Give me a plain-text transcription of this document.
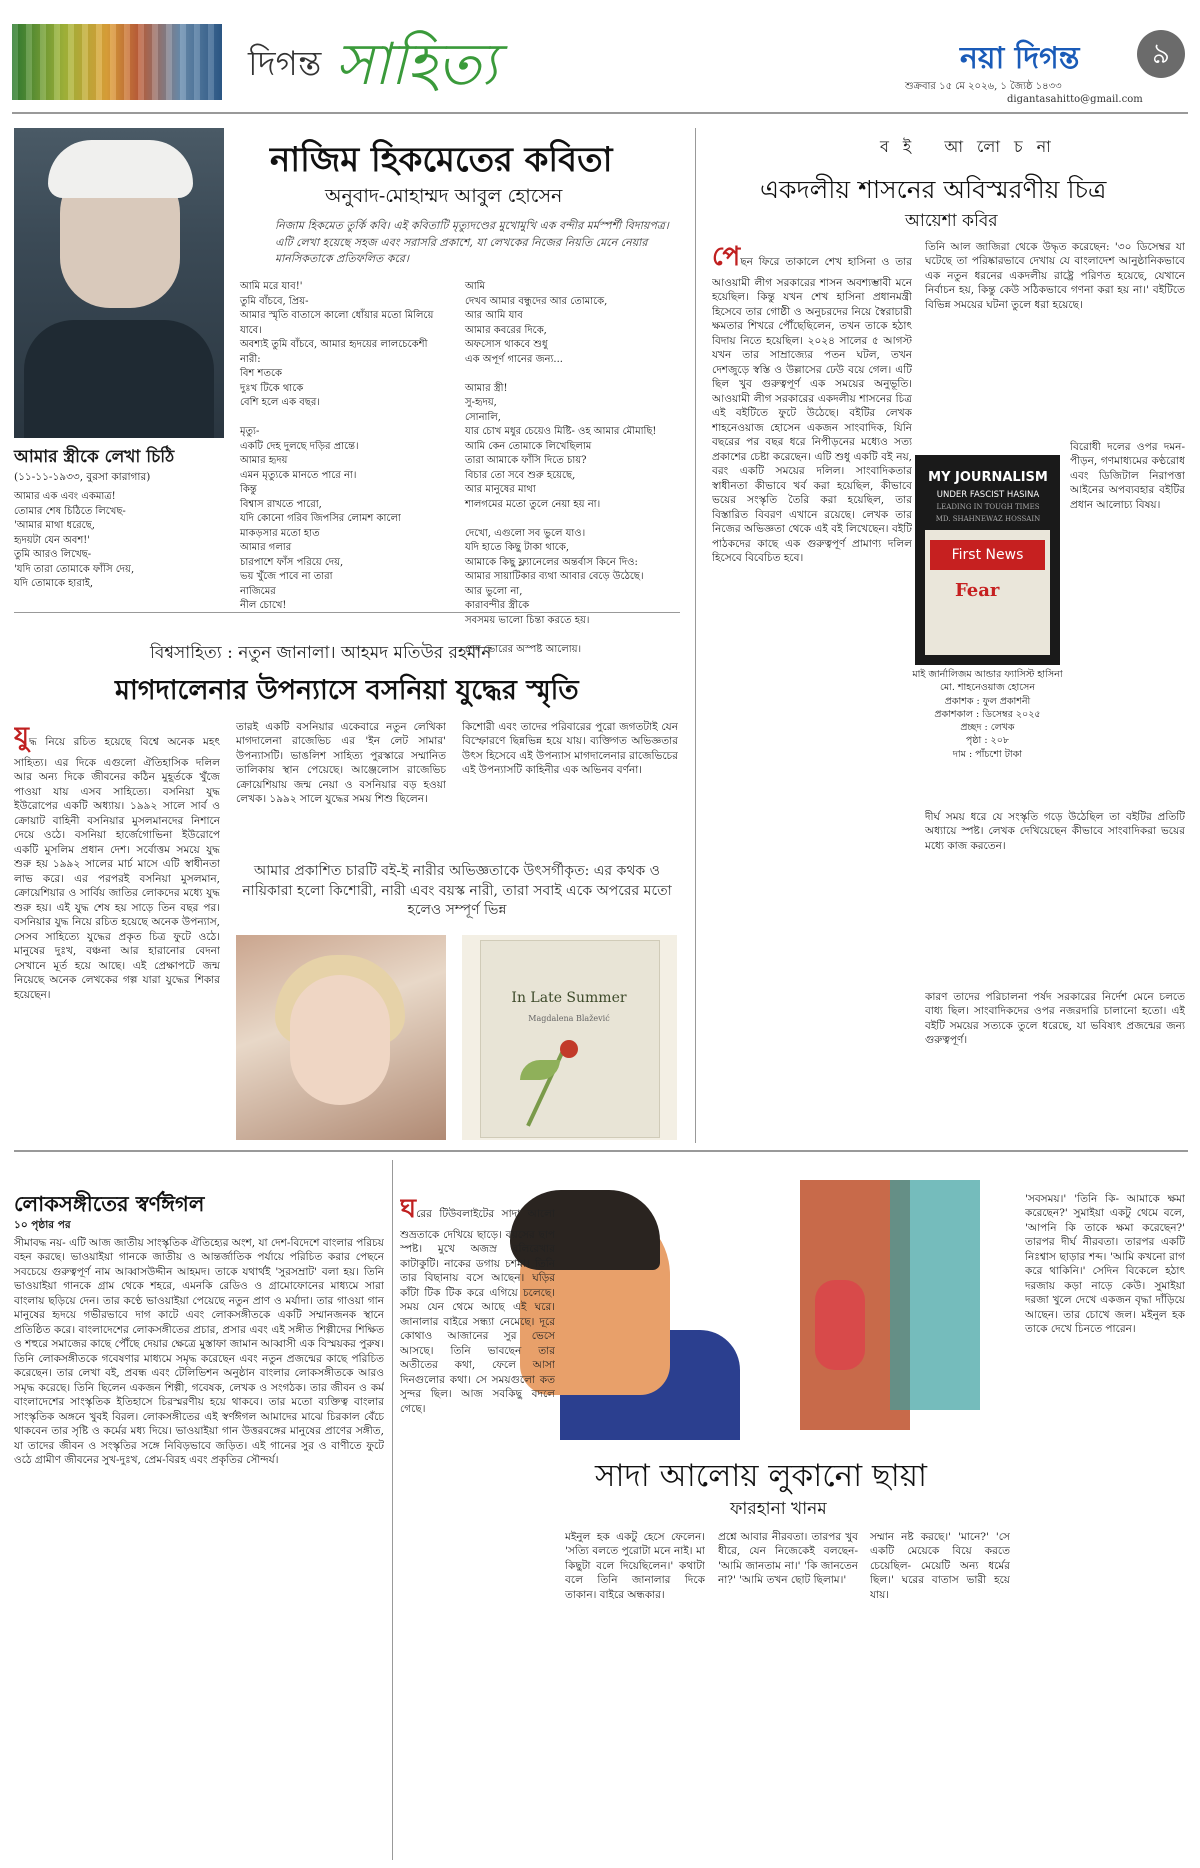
দিগন্ত সাহিত্য	নয়া দিগন্ত	৯
শুক্রবার ১৫ মে ২০২৬, ১ জ্যৈষ্ঠ ১৪৩৩
digantasahitto@gmail.com
নাজিম হিকমেতের কবিতা
অনুবাদ-মোহাম্মদ আবুল হোসেন
নিজাম হিকমেত তুর্কি কবি। এই কবিতাটি মৃত্যুদণ্ডের মুখোমুখি এক বন্দীর মর্মস্পর্শী বিদায়পত্র। এটি লেখা হয়েছে সহজ এবং সরাসরি প্রকাশে, যা লেখকের নিজের নিয়তি মেনে নেয়ার মানসিকতাকে প্রতিফলিত করে।
আমার স্ত্রীকে লেখা চিঠি
(১১-১১-১৯৩৩, বুরসা কারাগার)
আমার এক এবং একমাত্র!
তোমার শেষ চিঠিতে লিখেছ-
'আমার মাথা ধরেছে,
হৃদয়টা যেন অবশ!'
তুমি আরও লিখেছ-
'যদি তারা তোমাকে ফাঁসি দেয়,
যদি তোমাকে হারাই,
আমি মরে যাব!'
তুমি বাঁচবে, প্রিয়-
আমার স্মৃতি বাতাসে কালো ধোঁয়ার মতো মিলিয়ে যাবে।
অবশ্যই তুমি বাঁচবে, আমার হৃদয়ের লালচেকেশী নারী:
বিশ শতকে
দুঃখ টিকে থাকে
বেশি হলে এক বছর।

মৃত্যু-
একটি দেহ দুলছে দড়ির প্রান্তে।
আমার হৃদয়
এমন মৃত্যুকে মানতে পারে না।
কিন্তু
বিশ্বাস রাখতে পারো,
যদি কোনো গরিব জিপসির লোমশ কালো
মাকড়সার মতো হাত
আমার গলার
চারপাশে ফাঁস পরিয়ে দেয়,
ভয় খুঁজে পাবে না তারা
নাজিমের
নীল চোখে!
আমি
দেখব আমার বন্ধুদের আর তোমাকে,
আর আমি যাব
আমার কবরের দিকে,
অফসোস থাকবে শুধু
এক অপূর্ণ গানের জন্য...

আমার স্ত্রী!
সু-হৃদয়,
সোনালি,
যার চোখ মধুর চেয়েও মিষ্টি- ওহ আমার মৌমাছি!
আমি কেন তোমাকে লিখেছিলাম
তারা আমাকে ফাঁসি দিতে চায়?
বিচার তো সবে শুরু হয়েছে,
আর মানুষের মাথা
শালগমের মতো তুলে নেয়া হয় না।

দেখো, এগুলো সব ভুলে যাও।
যদি হাতে কিছু টাকা থাকে,
আমাকে কিছু ফ্ল্যানেলের অন্তর্বাস কিনে দিও:
আমার সায়াটিকার ব্যথা আবার বেড়ে উঠেছে।
আর ভুলো না,
কারাবন্দীর স্ত্রীকে
সবসময় ভালো চিন্তা করতে হয়।

শেষ ভোরের অস্পষ্ট আলোয়।
বিশ্বসাহিত্য : নতুন জানালা। আহমদ মতিউর রহমান
মাগদালেনার উপন্যাসে বসনিয়া যুদ্ধের স্মৃতি
যুদ্ধ নিয়ে রচিত হয়েছে বিশ্বে অনেক মহৎ সাহিত্য। এর দিকে এগুলো ঐতিহাসিক দলিল আর অন্য দিকে জীবনের কঠিন মুহূর্তকে খুঁজে পাওয়া যায় এসব সাহিত্যে। বসনিয়া যুদ্ধ ইউরোপের একটি অধ্যায়। ১৯৯২ সালে সার্ব ও ক্রোয়াট বাহিনী বসনিয়ার মুসলমানদের নিশানে দেয়ে ওঠে। বসনিয়া হার্জেগোভিনা ইউরোপে একটি মুসলিম প্রধান দেশ। সর্বোত্তম সময়ে যুদ্ধ শুরু হয় ১৯৯২ সালের মার্চ মাসে এটি স্বাধীনতা লাভ করে। এর পরপরই বসনিয়া মুসলমান, ক্রোয়েশিয়ার ও সার্বিয় জাতির লোকদের মধ্যে যুদ্ধ শুরু হয়। এই যুদ্ধ শেষ হয় সাড়ে তিন বছর পর। বসনিয়ার যুদ্ধ নিয়ে রচিত হয়েছে অনেক উপন্যাস, সেসব সাহিত্যে যুদ্ধের প্রকৃত চিত্র ফুটে ওঠে। মানুষের দুঃখ, বঞ্চনা আর হারানোর বেদনা সেখানে মূর্ত হয়ে আছে। এই প্রেক্ষাপটে জন্ম নিয়েছে অনেক লেখকের গল্প যারা যুদ্ধের শিকার হয়েছেন।
তারই একটি বসনিয়ার একেবারে নতুন লেখিকা মাগদালেনা রাজেভিচ এর 'ইন লেট সামার' উপন্যাসটি। ভাঙলিশ সাহিত্য পুরস্কারে সম্মানিত তালিকায় স্থান পেয়েছে। আঞ্জেলোস রাজেভিচ ক্রোয়েশিয়ায় জন্ম নেয়া ও বসনিয়ার বড় হওয়া লেখক। ১৯৯২ সালে যুদ্ধের সময় শিশু ছিলেন।
কিশোরী এবং তাদের পরিবারের পুরো জগতটাই যেন বিস্ফোরণে ছিন্নভিন্ন হয়ে যায়। ব্যক্তিগত অভিজ্ঞতার উৎস হিসেবে এই উপন্যাস মাগদালেনার রাজেভিচের এই উপন্যাসটি কাহিনীর এক অভিনব বর্ণনা।
আমার প্রকাশিত চারটি বই-ই নারীর অভিজ্ঞতাকে উৎসর্গীকৃত: এর কথক ও নায়িকারা হলো কিশোরী, নারী এবং বয়স্ক নারী, তারা সবাই একে অপরের মতো হলেও সম্পূর্ণ ভিন্ন
In Late Summer
Magdalena Blažević
বই আলোচনা
একদলীয় শাসনের অবিস্মরণীয় চিত্র
আয়েশা কবির
পেছন ফিরে তাকালে শেখ হাসিনা ও তার আওয়ামী লীগ সরকারের শাসন অবশ্যম্ভাবী মনে হয়েছিল। কিন্তু যখন শেখ হাসিনা প্রধানমন্ত্রী হিসেবে তার গোষ্ঠী ও অনুচরদের নিয়ে স্বৈরাচারী ক্ষমতার শিখরে পৌঁছেছিলেন, তখন তাকে হঠাৎ বিদায় নিতে হয়েছিল। ২০২৪ সালের ৫ আগস্ট যখন তার সাম্রাজ্যের পতন ঘটল, তখন দেশজুড়ে স্বস্তি ও উল্লাসের ঢেউ বয়ে গেল। এটি ছিল খুব গুরুত্বপূর্ণ এক সময়ের অনুভূতি। আওয়ামী লীগ সরকারের একদলীয় শাসনের চিত্র এই বইটিতে ফুটে উঠেছে। বইটির লেখক শাহনেওয়াজ হোসেন একজন সাংবাদিক, যিনি বছরের পর বছর ধরে নিপীড়নের মধ্যেও সত্য প্রকাশের চেষ্টা করেছেন। এটি শুধু একটি বই নয়, বরং একটি সময়ের দলিল। সাংবাদিকতার স্বাধীনতা কীভাবে খর্ব করা হয়েছিল, কীভাবে ভয়ের সংস্কৃতি তৈরি করা হয়েছিল, তার বিস্তারিত বিবরণ এখানে রয়েছে। লেখক তার নিজের অভিজ্ঞতা থেকে এই বই লিখেছেন। বইটি পাঠকদের কাছে এক গুরুত্বপূর্ণ প্রামাণ্য দলিল হিসেবে বিবেচিত হবে।
তিনি আল জাজিরা থেকে উদ্ধৃত করেছেন: '৩০ ডিসেম্বর যা ঘটেছে তা পরিষ্কারভাবে দেখায় যে বাংলাদেশ আনুষ্ঠানিকভাবে এক নতুন ধরনের একদলীয় রাষ্ট্রে পরিণত হয়েছে, যেখানে নির্বাচন হয়, কিন্তু কেউ সঠিকভাবে গণনা করা হয় না।' বইটিতে বিভিন্ন সময়ের ঘটনা তুলে ধরা হয়েছে।
বিরোধী দলের ওপর দমন-পীড়ন, গণমাধ্যমের কণ্ঠরোধ এবং ডিজিটাল নিরাপত্তা আইনের অপব্যবহার বইটির প্রধান আলোচ্য বিষয়।
দীর্ঘ সময় ধরে যে সংস্কৃতি গড়ে উঠেছিল তা বইটির প্রতিটি অধ্যায়ে স্পষ্ট। লেখক দেখিয়েছেন কীভাবে সাংবাদিকরা ভয়ের মধ্যে কাজ করতেন।
কারণ তাদের পরিচালনা পর্ষদ সরকারের নির্দেশ মেনে চলতে বাধ্য ছিল। সাংবাদিকদের ওপর নজরদারি চালানো হতো। এই বইটি সময়ের সত্যকে তুলে ধরেছে, যা ভবিষ্যৎ প্রজন্মের জন্য গুরুত্বপূর্ণ।
MY JOURNALISM
UNDER FASCIST HASINA
LEADING IN TOUGH TIMES
MD. SHAHNEWAZ HOSSAIN
First News
Fear
মাই জার্নালিজম আন্ডার ফ্যাসিস্ট হাসিনা
মো. শাহনেওয়াজ হোসেন
প্রকাশক : ফুল প্রকাশনী
প্রকাশকাল : ডিসেম্বর ২০২৫
প্রচ্ছদ : লেখক
পৃষ্ঠা : ২০৮
দাম : পাঁচশো টাকা
লোকসঙ্গীতের স্বর্ণঈগল
১০ পৃষ্ঠার পর
সীমাবদ্ধ নয়- এটি আজ জাতীয় সাংস্কৃতিক ঐতিহ্যের অংশ, যা দেশ-বিদেশে বাংলার পরিচয় বহন করছে। ভাওয়াইয়া গানকে জাতীয় ও আন্তর্জাতিক পর্যায়ে পরিচিত করার পেছনে সবচেয়ে গুরুত্বপূর্ণ নাম আব্বাসউদ্দীন আহমদ। তাকে যথার্থই 'সুরসম্রাট' বলা হয়। তিনি ভাওয়াইয়া গানকে গ্রাম থেকে শহরে, এমনকি রেডিও ও গ্রামোফোনের মাধ্যমে সারা বাংলায় ছড়িয়ে দেন। তার কণ্ঠে ভাওয়াইয়া পেয়েছে নতুন প্রাণ ও মর্যাদা। তার গাওয়া গান মানুষের হৃদয়ে গভীরভাবে দাগ কাটে এবং লোকসঙ্গীতকে একটি সম্মানজনক স্থানে প্রতিষ্ঠিত করে। বাংলাদেশের লোকসঙ্গীতের প্রচার, প্রসার এবং এই সঙ্গীত শিল্পীদের শিক্ষিত ও শহুরে সমাজের কাছে পৌঁছে দেয়ার ক্ষেত্রে মুস্তাফা জামান আব্বাসী এক বিস্ময়কর পুরুষ। তিনি লোকসঙ্গীতকে গবেষণার মাধ্যমে সমৃদ্ধ করেছেন এবং নতুন প্রজন্মের কাছে পরিচিত করেছেন। তার লেখা বই, প্রবন্ধ এবং টেলিভিশন অনুষ্ঠান বাংলার লোকসঙ্গীতকে আরও সমৃদ্ধ করেছে। তিনি ছিলেন একজন শিল্পী, গবেষক, লেখক ও সংগঠক। তার জীবন ও কর্ম বাংলাদেশের সাংস্কৃতিক ইতিহাসে চিরস্মরণীয় হয়ে থাকবে। তার মতো ব্যক্তিত্ব বাংলার সাংস্কৃতিক অঙ্গনে খুবই বিরল। লোকসঙ্গীতের এই স্বর্ণঈগল আমাদের মাঝে চিরকাল বেঁচে থাকবেন তার সৃষ্টি ও কর্মের মধ্য দিয়ে। ভাওয়াইয়া গান উত্তরবঙ্গের মানুষের প্রাণের সঙ্গীত, যা তাদের জীবন ও সংস্কৃতির সঙ্গে নিবিড়ভাবে জড়িত। এই গানের সুর ও বাণীতে ফুটে ওঠে গ্রামীণ জীবনের সুখ-দুঃখ, প্রেম-বিরহ এবং প্রকৃতির সৌন্দর্য।	সাদা আলোয় লুকানো ছায়া
ফারহানা খানম
ঘরের টিউবলাইটের সাদা আলো শুভ্রতাকে দেখিয়ে ছাড়ে। বয়সের ছাপ স্পষ্ট। মুখে অজস্র বলিরেখার কাটাকুটি। নাকের ডগায় চশমা। তিনি তার বিছানায় বসে আছেন। ঘড়ির কাঁটা টিক টিক করে এগিয়ে চলেছে। সময় যেন থেমে আছে এই ঘরে। জানালার বাইরে সন্ধ্যা নেমেছে। দূরে কোথাও আজানের সুর ভেসে আসছে। তিনি ভাবছেন তার অতীতের কথা, ফেলে আসা দিনগুলোর কথা। সে সময়গুলো কত সুন্দর ছিল। আজ সবকিছু বদলে গেছে।
মইনুল হক একটু হেসে ফেলেন। 'সত্যি বলতে পুরোটা মনে নাই। মা কিছুটা বলে দিয়েছিলেন।' কথাটা বলে তিনি জানালার দিকে তাকান। বাইরে অন্ধকার।
প্রশ্নে আবার নীরবতা। তারপর খুব ধীরে, যেন নিজেকেই বলছেন- 'আমি জানতাম না।' 'কি জানতেন না?' 'আমি তখন ছোট ছিলাম।'
সম্মান নষ্ট করছে।' 'মানে?' 'সে একটি মেয়েকে বিয়ে করতে চেয়েছিল- মেয়েটি অন্য ধর্মের ছিল।' ঘরের বাতাস ভারী হয়ে যায়।
'সবসময়।' 'তিনি কি- আমাকে ক্ষমা করেছেন?' সুমাইয়া একটু থেমে বলে, 'আপনি কি তাকে ক্ষমা করেছেন?' তারপর দীর্ঘ নীরবতা। তারপর একটি নিঃশ্বাস ছাড়ার শব্দ। 'আমি কখনো রাগ করে থাকিনি।' সেদিন বিকেলে হঠাৎ দরজায় কড়া নাড়ে কেউ। সুমাইয়া দরজা খুলে দেখে একজন বৃদ্ধা দাঁড়িয়ে আছেন। তার চোখে জল। মইনুল হক তাকে দেখে চিনতে পারেন।
